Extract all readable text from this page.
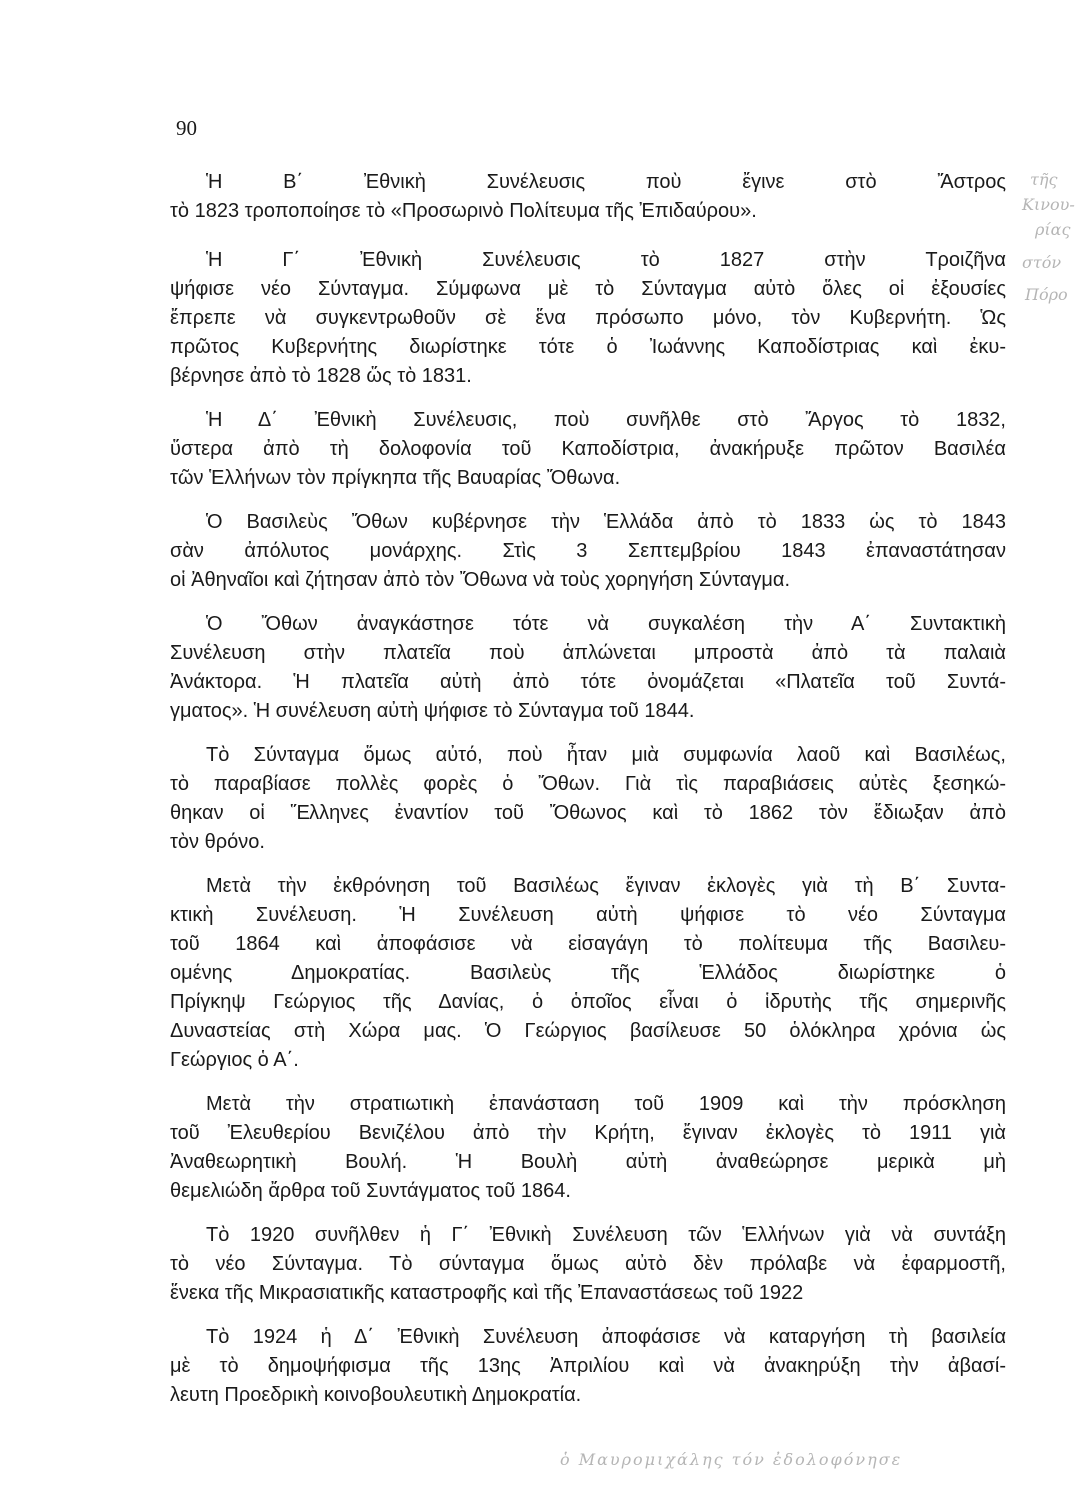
90
Ἡ Β΄ Ἐθνικὴ Συνέλευσις ποὺ ἔγινε στὸ Ἄστρος
τὸ 1823 τροποποίησε τὸ «Προσωρινὸ Πολίτευμα τῆς Ἐπιδαύρου».
Ἡ Γ΄ Ἐθνικὴ Συνέλευσις τὸ 1827 στὴν Τροιζῆνα
ψήφισε νέο Σύνταγμα. Σύμφωνα μὲ τὸ Σύνταγμα αὐτὸ ὅλες οἱ ἐξουσίες
ἔπρεπε νὰ συγκεντρωθοῦν σὲ ἕνα πρόσωπο μόνο, τὸν Κυβερνήτη. Ὡς
πρῶτος Κυβερνήτης διωρίστηκε τότε ὁ Ἰωάννης Καποδίστριας καὶ ἐκυ-
βέρνησε ἀπὸ τὸ 1828 ὥς τὸ 1831.
Ἡ Δ΄ Ἐθνικὴ Συνέλευσις, ποὺ συνῆλθε στὸ Ἄργος τὸ 1832,
ὕστερα ἀπὸ τὴ δολοφονία τοῦ Καποδίστρια, ἀνακήρυξε πρῶτον Βασιλέα
τῶν Ἑλλήνων τὸν πρίγκηπα τῆς Βαυαρίας Ὄθωνα.
Ὁ Βασιλεὺς Ὄθων κυβέρνησε τὴν Ἑλλάδα ἀπὸ τὸ 1833 ὡς τὸ 1843
σὰν ἀπόλυτος μονάρχης. Στὶς 3 Σεπτεμβρίου 1843 ἐπαναστάτησαν
οἱ Ἀθηναῖοι καὶ ζήτησαν ἀπὸ τὸν Ὄθωνα νὰ τοὺς χορηγήση Σύνταγμα.
Ὁ Ὄθων ἀναγκάστησε τότε νὰ συγκαλέση τὴν Α΄ Συντακτικὴ
Συνέλευση στὴν πλατεῖα ποὺ ἁπλώνεται μπροστὰ ἀπὸ τὰ παλαιὰ
Ἀνάκτορα. Ἡ πλατεῖα αὐτὴ ἀπὸ τότε ὀνομάζεται «Πλατεῖα τοῦ Συντά-
γματος». Ἡ συνέλευση αὐτὴ ψήφισε τὸ Σύνταγμα τοῦ 1844.
Τὸ Σύνταγμα ὅμως αὐτό, ποὺ ἦταν μιὰ συμφωνία λαοῦ καὶ Βασιλέως,
τὸ παραβίασε πολλὲς φορὲς ὁ Ὄθων. Γιὰ τὶς παραβιάσεις αὐτὲς ξεσηκώ-
θηκαν οἱ Ἕλληνες ἐναντίον τοῦ Ὄθωνος καὶ τὸ 1862 τὸν ἔδιωξαν ἀπὸ
τὸν θρόνο.
Μετὰ τὴν ἐκθρόνηση τοῦ Βασιλέως ἔγιναν ἐκλογὲς γιὰ τὴ Β΄ Συντα-
κτικὴ Συνέλευση. Ἡ Συνέλευση αὐτὴ ψήφισε τὸ νέο Σύνταγμα
τοῦ 1864 καὶ ἀποφάσισε νὰ εἰσαγάγη τὸ πολίτευμα τῆς Βασιλευ-
ομένης Δημοκρατίας. Βασιλεὺς τῆς Ἑλλάδος διωρίστηκε ὁ
Πρίγκηψ Γεώργιος τῆς Δανίας, ὁ ὁποῖος εἶναι ὁ ἱδρυτὴς τῆς σημερινῆς
Δυναστείας στὴ Χώρα μας. Ὁ Γεώργιος βασίλευσε 50 ὁλόκληρα χρόνια ὡς
Γεώργιος ὁ Α΄.
Μετὰ τὴν στρατιωτικὴ ἐπανάσταση τοῦ 1909 καὶ τὴν πρόσκληση
τοῦ Ἐλευθερίου Βενιζέλου ἀπὸ τὴν Κρήτη, ἔγιναν ἐκλογὲς τὸ 1911 γιὰ
Ἀναθεωρητικὴ Βουλή. Ἡ Βουλὴ αὐτὴ ἀναθεώρησε μερικὰ μὴ
θεμελιώδη ἄρθρα τοῦ Συντάγματος τοῦ 1864.
Τὸ 1920 συνῆλθεν ἡ Γ΄ Ἐθνικὴ Συνέλευση τῶν Ἑλλήνων γιὰ νὰ συντάξη
τὸ νέο Σύνταγμα. Τὸ σύνταγμα ὅμως αὐτὸ δὲν πρόλαβε νὰ ἐφαρμοστῆ,
ἕνεκα τῆς Μικρασιατικῆς καταστροφῆς καὶ τῆς Ἐπαναστάσεως τοῦ 1922
Τὸ 1924 ἡ Δ΄ Ἐθνικὴ Συνέλευση ἀποφάσισε νὰ καταργήση τὴ βασιλεία
μὲ τὸ δημοψήφισμα τῆς 13ης Ἀπριλίου καὶ νὰ ἀνακηρύξη τὴν ἀβασί-
λευτη Προεδρικὴ κοινοβουλευτικὴ Δημοκρατία.
τῆς
Κινου-
ρίας
στόν
Πόρο
ὁ Μαυρομιχάλης τόν ἐδολοφόνησε
